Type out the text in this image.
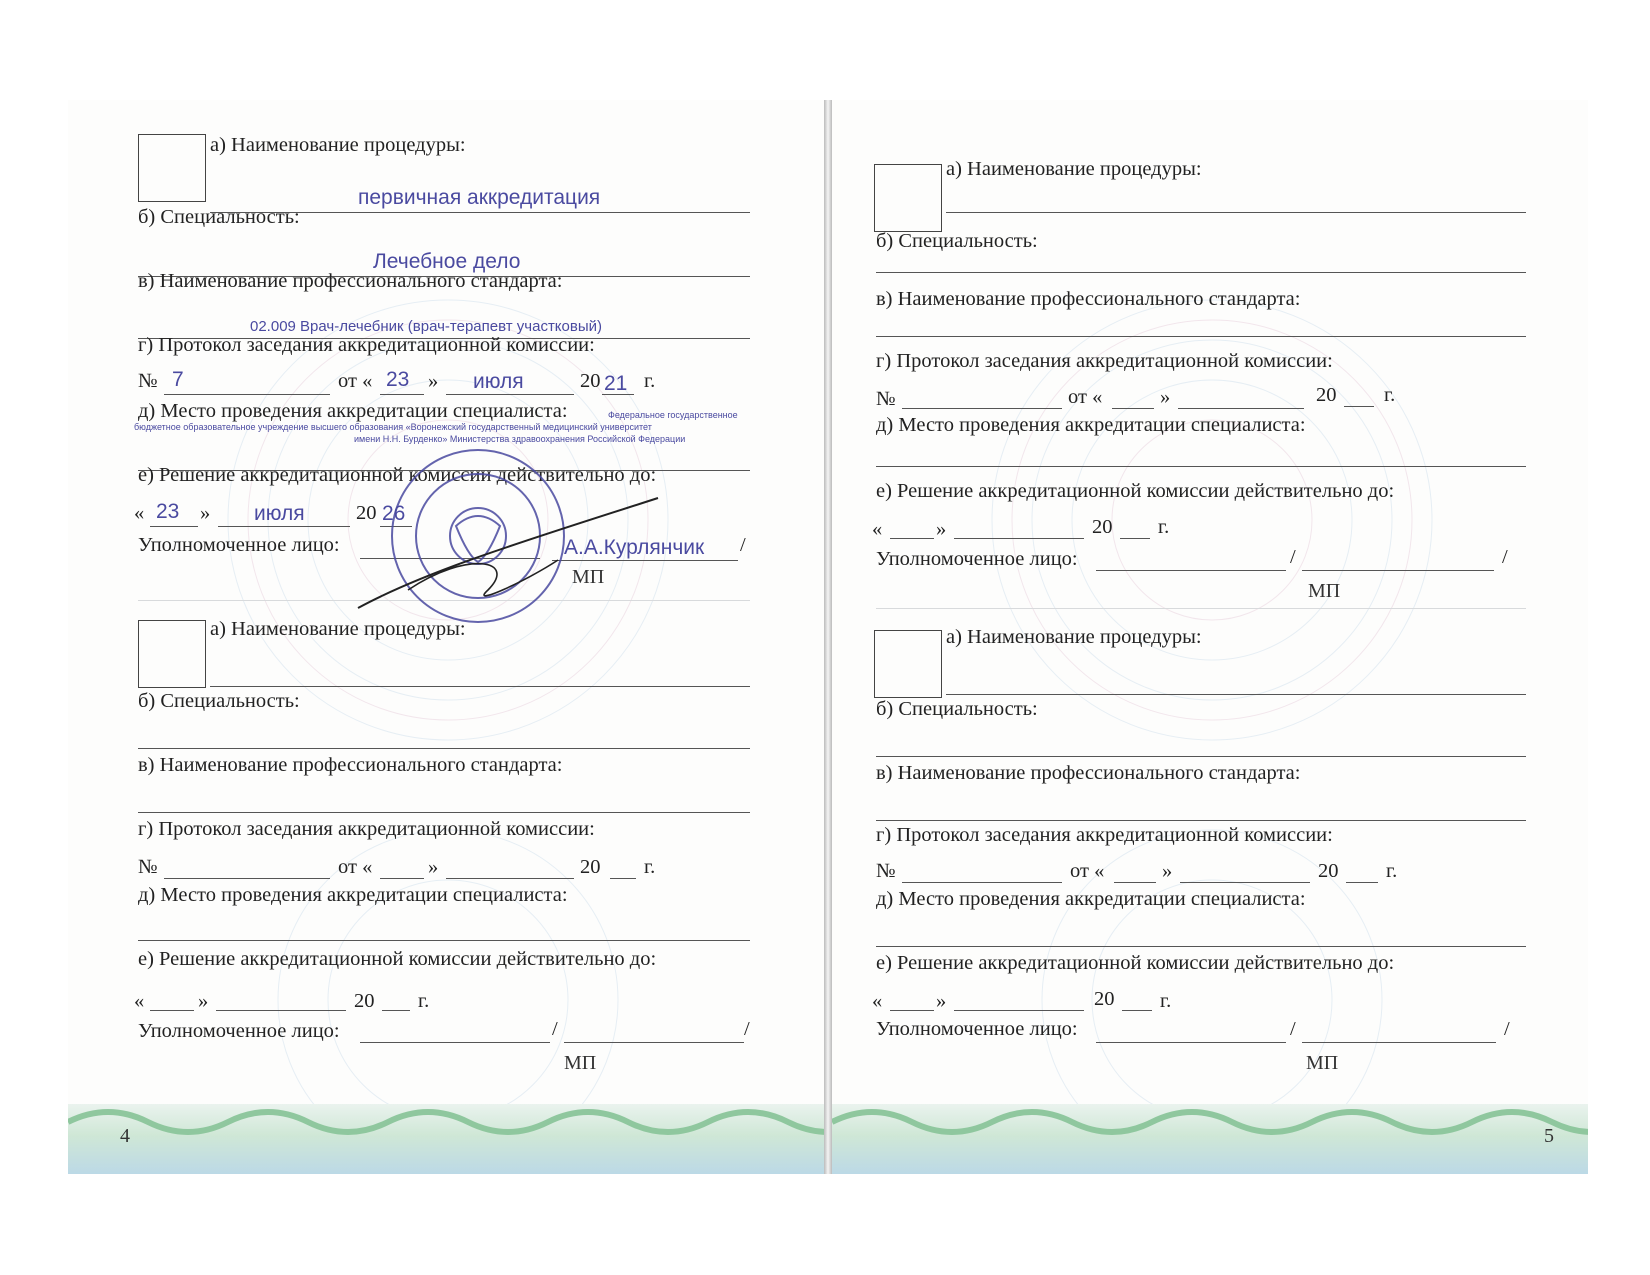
а) Наименование процедуры:
первичная аккредитация
б) Специальность:
Лечебное дело
в) Наименование профессионального стандарта:
02.009 Врач-лечебник (врач-терапевт участковый)
г) Протокол заседания аккредитационной комиссии:
№ 7	от « 23 » июля	20 21 г.
д) Место проведения аккредитации специалиста:	Федеральное государственное
бюджетное образовательное учреждение высшего образования «Воронежский государственный медицинский университет
имени Н.Н. Бурденко» Министерства здравоохранения Российской Федерации
е) Решение аккредитационной комиссии действительно до:
« 23 » июля	20 26
Уполномоченное лицо:	А.А.Курлянчик /
МП
а) Наименование процедуры:
б) Специальность:
в) Наименование профессионального стандарта:
г) Протокол заседания аккредитационной комиссии:
№	от «	»	20 г.
д) Место проведения аккредитации специалиста:
е) Решение аккредитационной комиссии действительно до:
«	»	20 г.
Уполномоченное лицо:	/	/
МП
4
а) Наименование процедуры:
б) Специальность:
в) Наименование профессионального стандарта:
г) Протокол заседания аккредитационной комиссии:
№	от «	»	20 г.
д) Место проведения аккредитации специалиста:
е) Решение аккредитационной комиссии действительно до:
«	»	20 г.
Уполномоченное лицо:	/	/
МП
а) Наименование процедуры:
б) Специальность:
в) Наименование профессионального стандарта:
г) Протокол заседания аккредитационной комиссии:
№	от «	»	20 г.
д) Место проведения аккредитации специалиста:
е) Решение аккредитационной комиссии действительно до:
«	»	20 г.
Уполномоченное лицо:	/	/
МП
5
